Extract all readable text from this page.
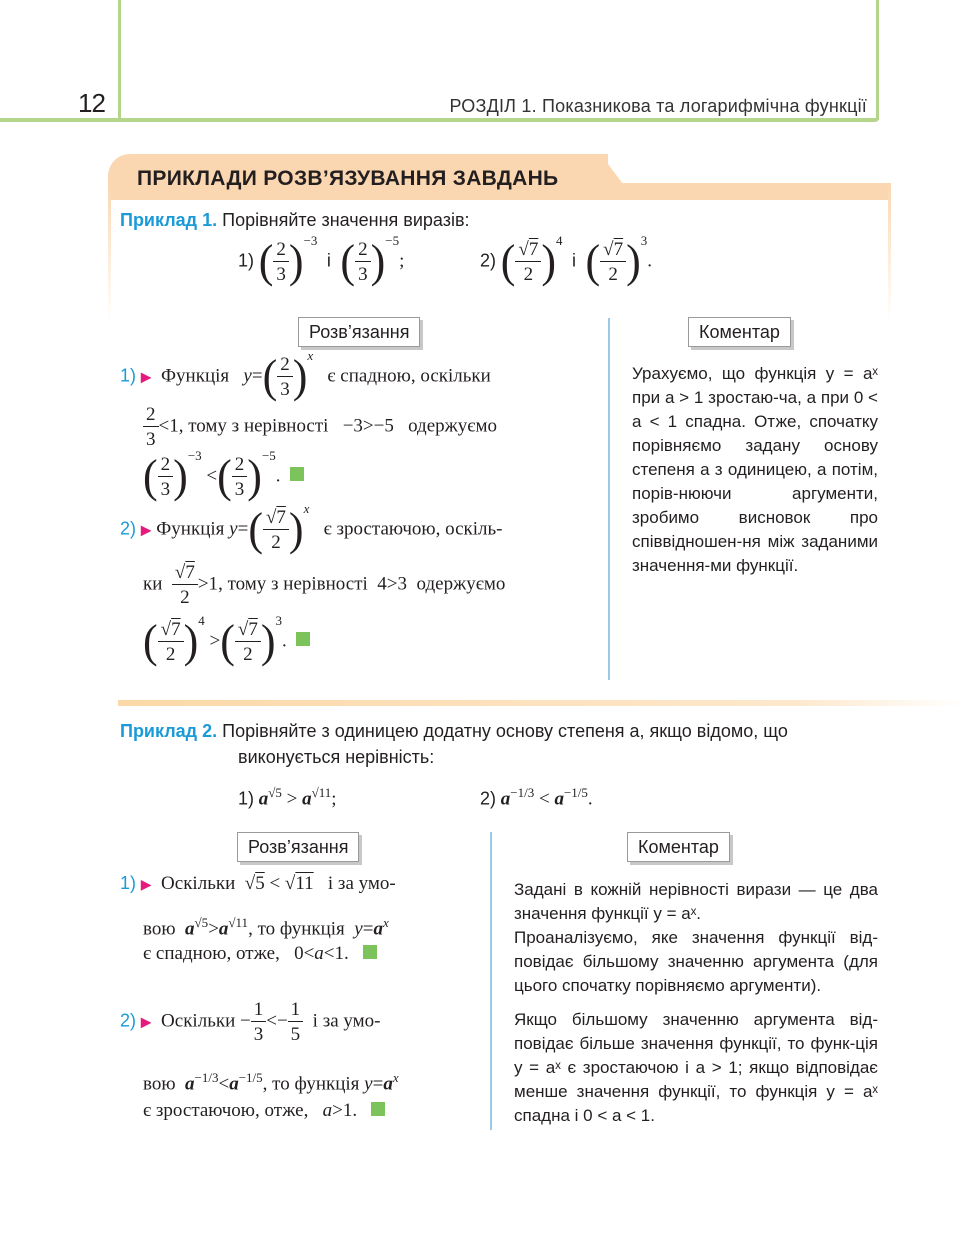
12	РОЗДІЛ 1. Показникова та логарифмічна функції
ПРИКЛАДИ РОЗВ’ЯЗУВАННЯ ЗАВДАНЬ
Приклад 1. Порівняйте значення виразів:
1) ( $\frac{2}{3} )^{-3}$  і ( $\frac{2}{3} )^{-5}$;	2) ( $\frac{√7}{2} )^4$  і ( $\frac{√7}{2} )^3$.
Розв’язання	Коментар
1) ▶ Функція $y=( \frac{2}{3} )^x$   є спадною, оскільки
$\frac{2}{3} <1$, тому з нерівності   −3>−5   одержуємо
( $\frac{2}{3} )^{-3}$ <( $\frac{2}{3} )^{-5}$.
2) ▶ Функція $y=( \frac{√7}{2} )^x$   є зростаючою, оскіль-
ки $\frac{√7}{2} >1$, тому з нерівності  4>3  одержуємо
( $\frac{√7}{2} )^4$ >( $\frac{√7}{2} )^3$.
Урахуємо, що функція y = aˣ при a > 1 зростаю-ча, а при 0 < a < 1 спадна. Отже, спочатку порівняємо задану основу степеня a з одиницею, а потім, порів-нюючи аргументи, зробимо висновок про співвідношен-ня між заданими значення-ми функції.
Приклад 2. Порівняйте з одиницею додатну основу степеня a, якщо відомо, що
виконується нерівність:
1) $a^{√5} > a^{√11}$;	2) $a^{-1/3} < a^{-1/5}$.
Розв’язання	Коментар
1) ▶ Оскільки  √5 < √11 і за умо-
вою $a^{√5}>a^{√11}$, то функція $y=a^x$
є спадною, отже,   0<a<1.
2) ▶ Оскільки − $\frac{1}{3} <- \frac{1}{5}$ і за умо-
вою $a^{-1/3}<a^{-1/5}$, то функція $y=a^x$
є зростаючою, отже, a>1.
Задані в кожній нерівності вирази — це два значення функції y = aˣ.
Проаналізуємо, яке значення функції від-повідає більшому значенню аргумента (для цього спочатку порівняємо аргументи).
Якщо більшому значенню аргумента від-повідає більше значення функції, то функ-ція y = aˣ є зростаючою і a > 1; якщо відповідає менше значення функції, то функція y = aˣ спадна і 0 < a < 1.
